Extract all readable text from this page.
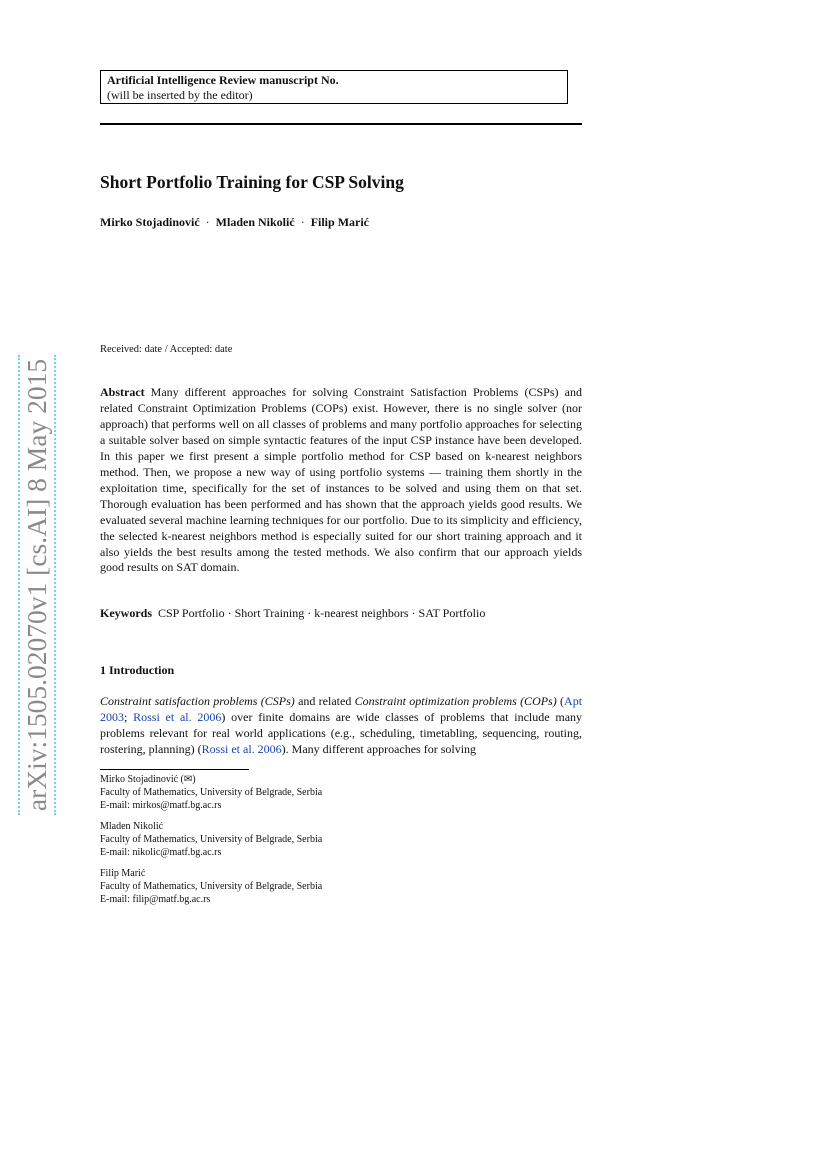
Artificial Intelligence Review manuscript No.
(will be inserted by the editor)
Short Portfolio Training for CSP Solving
Mirko Stojadinović · Mladen Nikolić · Filip Marić
Received: date / Accepted: date
Abstract Many different approaches for solving Constraint Satisfaction Problems (CSPs) and related Constraint Optimization Problems (COPs) exist. However, there is no single solver (nor approach) that performs well on all classes of problems and many portfolio approaches for selecting a suitable solver based on simple syntactic features of the input CSP instance have been developed. In this paper we first present a simple portfolio method for CSP based on k-nearest neighbors method. Then, we propose a new way of using portfolio systems — training them shortly in the exploitation time, specifically for the set of instances to be solved and using them on that set. Thorough evaluation has been performed and has shown that the approach yields good results. We evaluated several machine learning techniques for our portfolio. Due to its simplicity and efficiency, the selected k-nearest neighbors method is especially suited for our short training approach and it also yields the best results among the tested methods. We also confirm that our approach yields good results on SAT domain.
Keywords CSP Portfolio · Short Training · k-nearest neighbors · SAT Portfolio
1 Introduction
Constraint satisfaction problems (CSPs) and related Constraint optimization problems (COPs) (Apt 2003; Rossi et al. 2006) over finite domains are wide classes of problems that include many problems relevant for real world applications (e.g., scheduling, timetabling, sequencing, routing, rostering, planning) (Rossi et al. 2006). Many different approaches for solving
Mirko Stojadinović (✉)
Faculty of Mathematics, University of Belgrade, Serbia
E-mail: mirkos@matf.bg.ac.rs
Mladen Nikolić
Faculty of Mathematics, University of Belgrade, Serbia
E-mail: nikolic@matf.bg.ac.rs
Filip Marić
Faculty of Mathematics, University of Belgrade, Serbia
E-mail: filip@matf.bg.ac.rs
arXiv:1505.02070v1 [cs.AI] 8 May 2015
